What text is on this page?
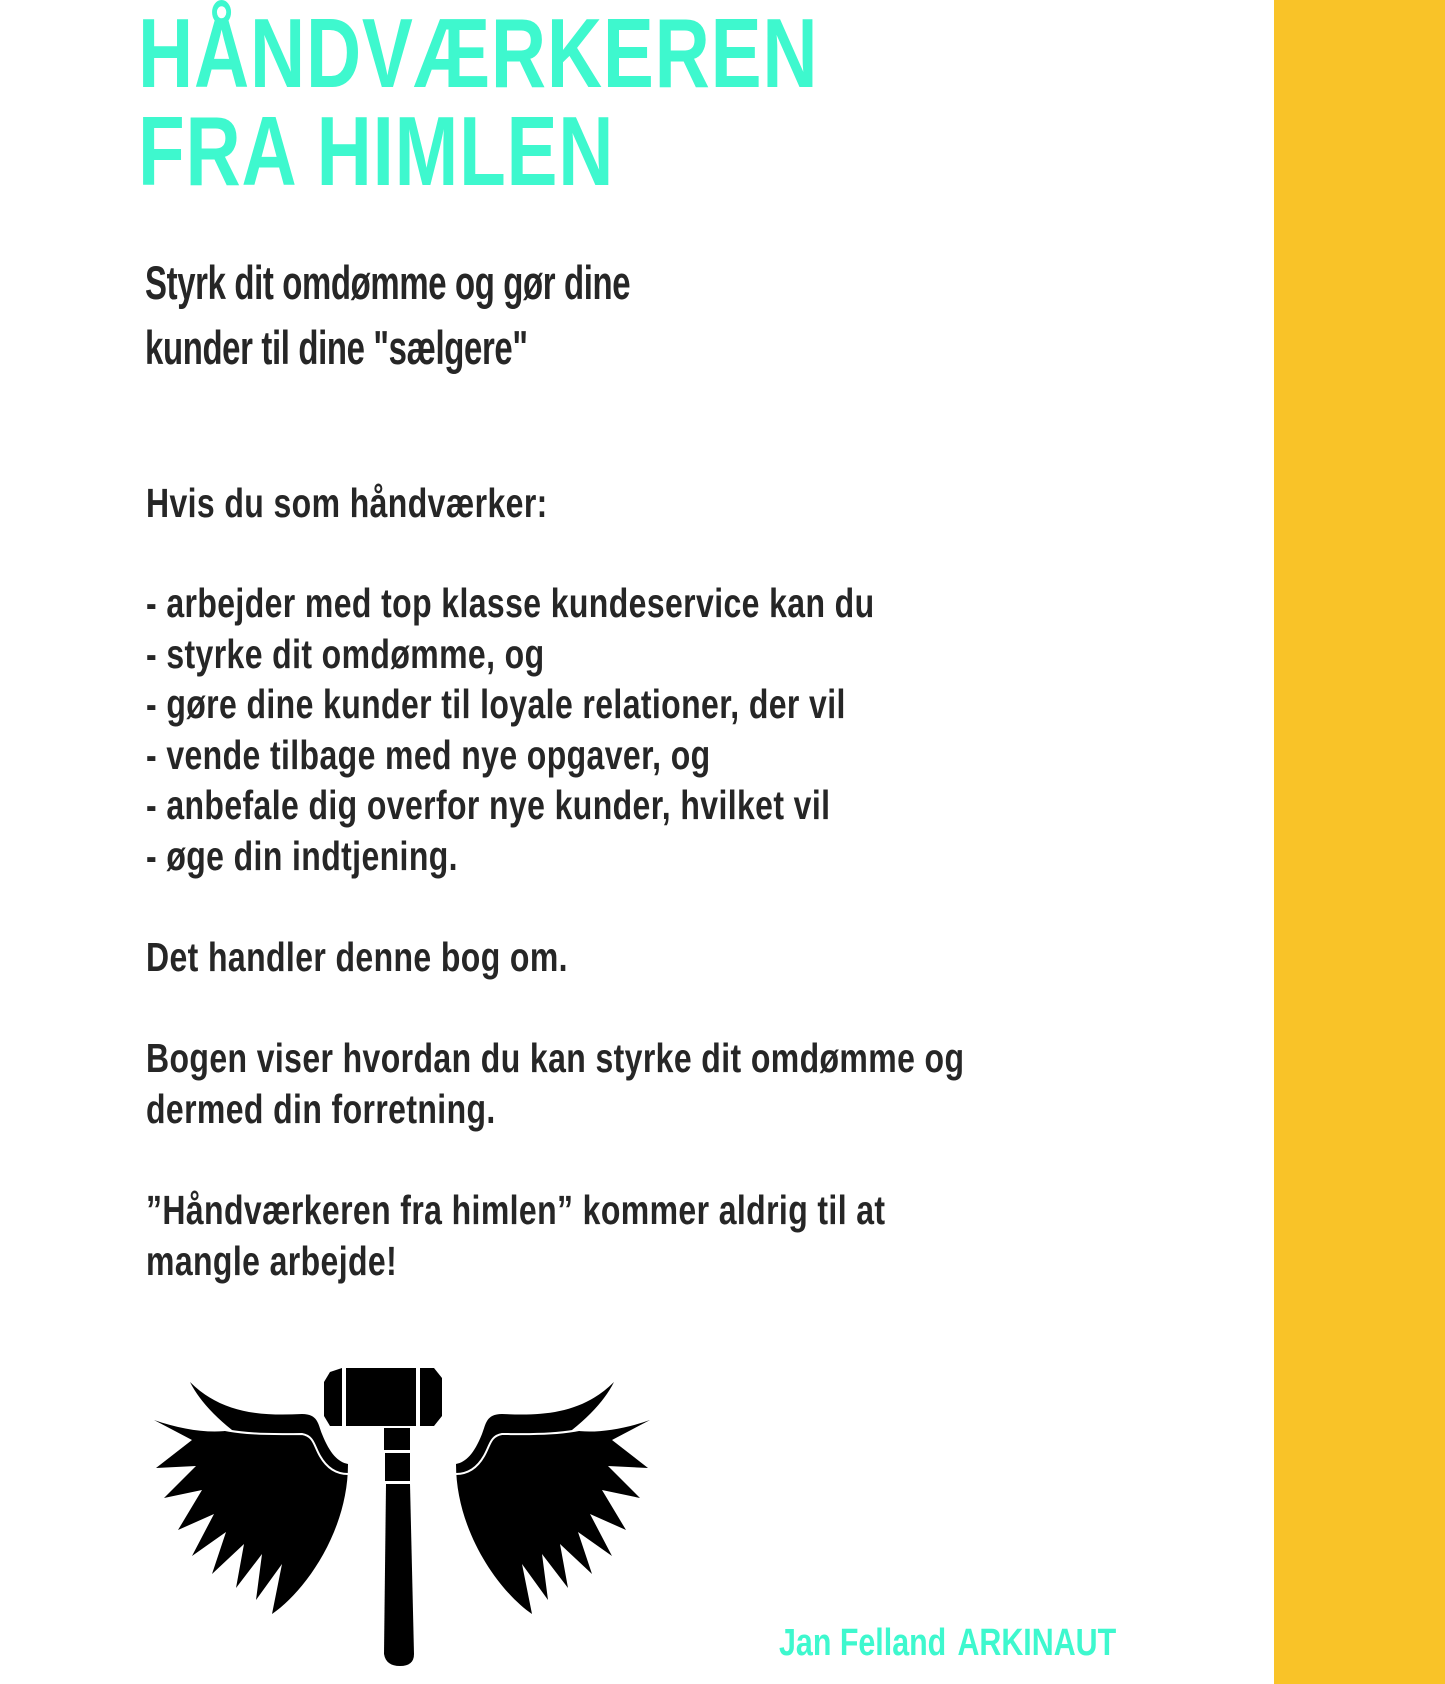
HÅNDVÆRKEREN
FRA HIMLEN
Styrk dit omdømme og gør dine
kunder til dine "sælgere"
Hvis du som håndværker:
- arbejder med top klasse kundeservice kan du
- styrke dit omdømme, og
- gøre dine kunder til loyale relationer, der vil
- vende tilbage med nye opgaver, og
- anbefale dig overfor nye kunder, hvilket vil
- øge din indtjening.
Det handler denne bog om.
Bogen viser hvordan du kan styrke dit omdømme og
dermed din forretning.
”Håndværkeren fra himlen” kommer aldrig til at
mangle arbejde!
Jan Felland ARKINAUT
